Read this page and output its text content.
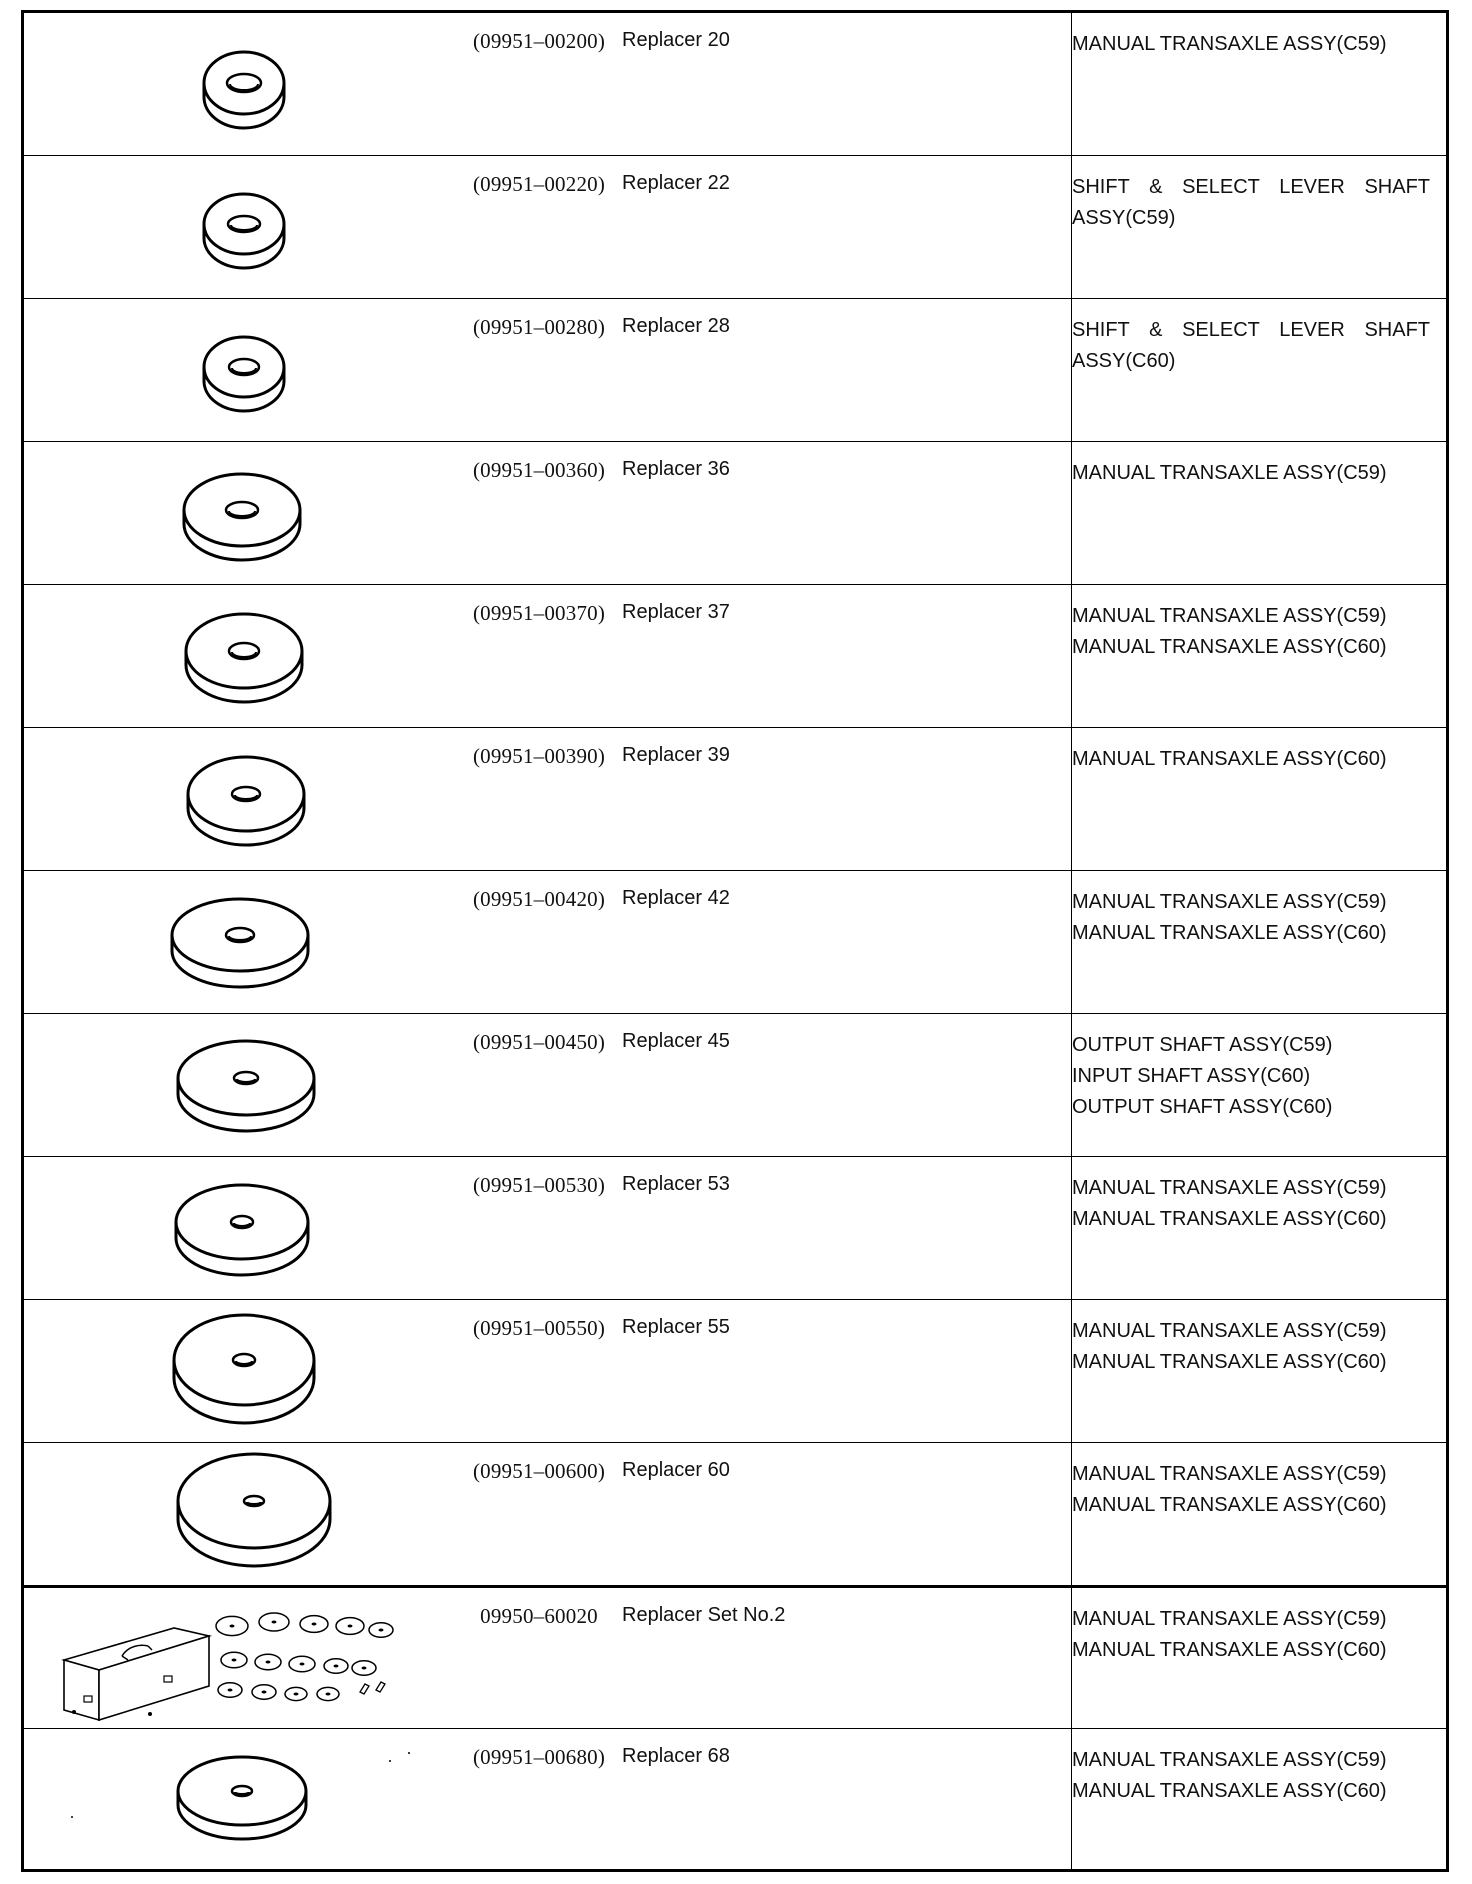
(09951–00200) Replacer 20	MANUAL TRANSAXLE ASSY(C59)
(09951–00220) Replacer 22	SHIFT & SELECT LEVER SHAFT
ASSY(C59)
(09951–00280) Replacer 28	SHIFT & SELECT LEVER SHAFT
ASSY(C60)
(09951–00360) Replacer 36	MANUAL TRANSAXLE ASSY(C59)
(09951–00370) Replacer 37	MANUAL TRANSAXLE ASSY(C59)
MANUAL TRANSAXLE ASSY(C60)
(09951–00390) Replacer 39	MANUAL TRANSAXLE ASSY(C60)
(09951–00420) Replacer 42	MANUAL TRANSAXLE ASSY(C59)
MANUAL TRANSAXLE ASSY(C60)
(09951–00450) Replacer 45	OUTPUT SHAFT ASSY(C59)
INPUT SHAFT ASSY(C60)
OUTPUT SHAFT ASSY(C60)
(09951–00530) Replacer 53	MANUAL TRANSAXLE ASSY(C59)
MANUAL TRANSAXLE ASSY(C60)
(09951–00550) Replacer 55	MANUAL TRANSAXLE ASSY(C59)
MANUAL TRANSAXLE ASSY(C60)
(09951–00600) Replacer 60	MANUAL TRANSAXLE ASSY(C59)
MANUAL TRANSAXLE ASSY(C60)
09950–60020	Replacer Set No.2	MANUAL TRANSAXLE ASSY(C59)
MANUAL TRANSAXLE ASSY(C60)
(09951–00680) Replacer 68	MANUAL TRANSAXLE ASSY(C59)
MANUAL TRANSAXLE ASSY(C60)
